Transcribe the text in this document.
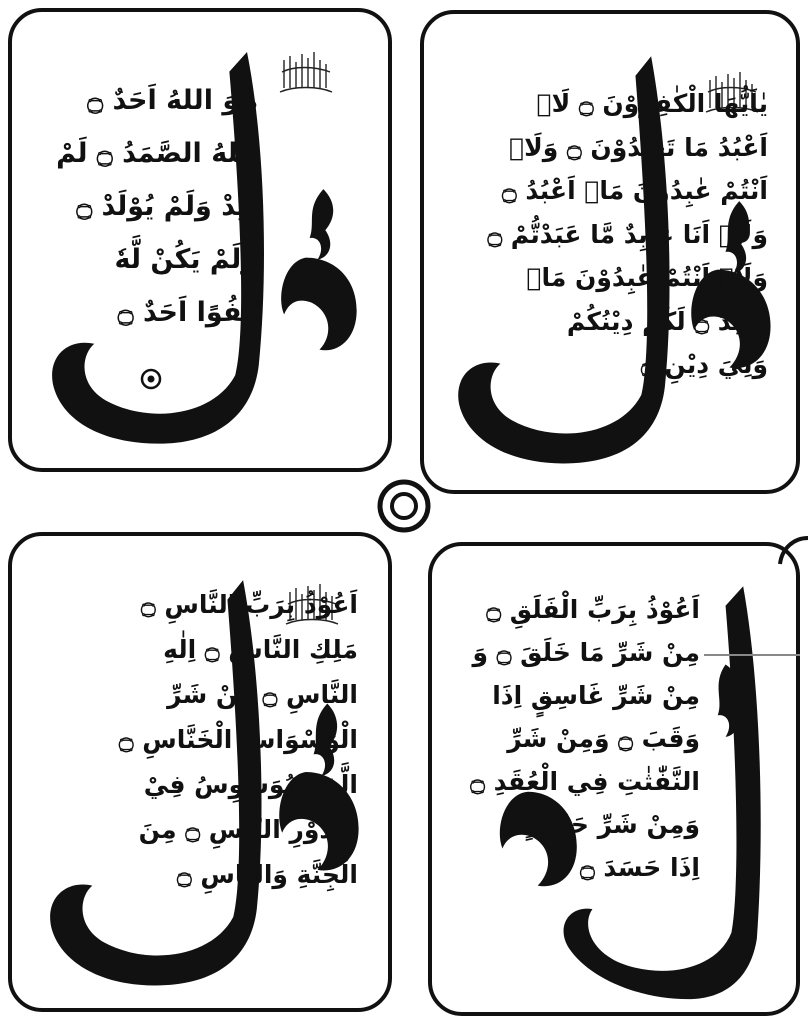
هُوَ اللهُ اَحَدٌ ۝
اَللهُ الصَّمَدُ ۝ لَمْ
يَلِدْ وَلَمْ يُوْلَدْ ۝
وَلَمْ يَكُنْ لَّهٗ
كُفُوًا اَحَدٌ ۝
يٰاَيُّهَا الْكٰفِرُوْنَ ۝ لَاۤ
اَعْبُدُ مَا تَعْبُدُوْنَ ۝ وَلَاۤ
اَنْتُمْ عٰبِدُوْنَ مَاۤ اَعْبُدُ ۝
وَلَاۤ اَنَا عَابِدٌ مَّا عَبَدْتُّمْ ۝
وَلَاۤ اَنْتُمْ عٰبِدُوْنَ مَاۤ
اَعْبُدُ ۝ لَكُمْ دِيْنُكُمْ
وَلِيَ دِيْنِ ۝
اَعُوْذُ بِرَبِّ النَّاسِ ۝
مَلِكِ النَّاسِ ۝ اِلٰهِ
النَّاسِ ۝ مِنْ شَرِّ
الْوَسْوَاسِ الْخَنَّاسِ ۝
الَّذِيْ يُوَسْوِسُ فِيْ
صُدُوْرِ النَّاسِ ۝ مِنَ
الْجِنَّةِ وَالنَّاسِ ۝
اَعُوْذُ بِرَبِّ الْفَلَقِ ۝
مِنْ شَرِّ مَا خَلَقَ ۝ وَ
مِنْ شَرِّ غَاسِقٍ اِذَا
وَقَبَ ۝ وَمِنْ شَرِّ
النَّفّٰثٰتِ فِي الْعُقَدِ ۝
وَمِنْ شَرِّ حَاسِدٍ
اِذَا حَسَدَ ۝
